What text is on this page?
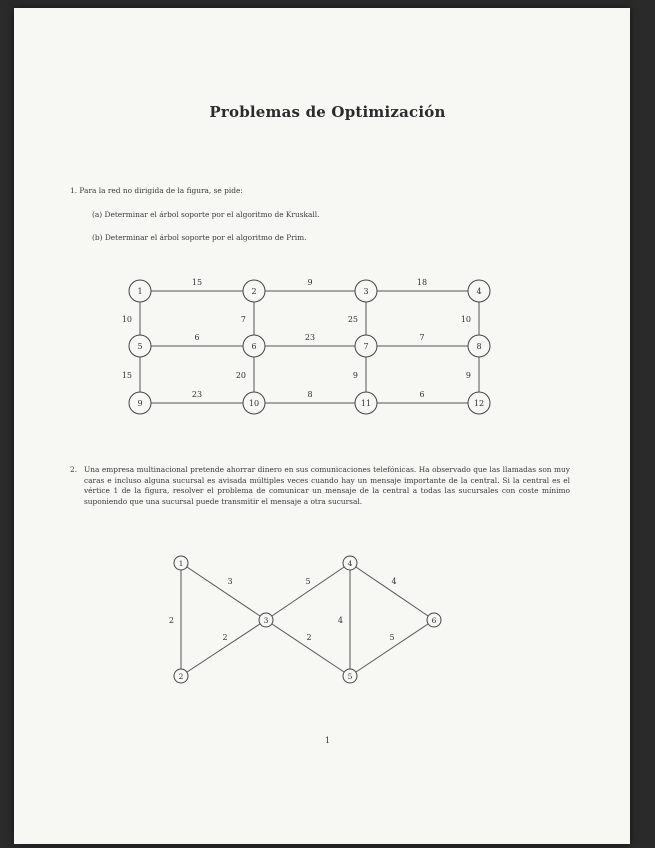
Problemas de Optimización
1. Para la red no dirigida de la figura, se pide:
(a) Determinar el árbol soporte por el algoritmo de Kruskall.
(b) Determinar el árbol soporte por el algoritmo de Prim.
15	9	18
6	23	7
23	8	6
10	7	25	10
15	20	9	9
1	2	3	4
5	6	7	8
9	10	11	12
3
2
2
5
2
4
4
5
1
2
3
4
5
6
2. Una empresa multinacional pretende ahorrar dinero en sus comunicaciones telefónicas. Ha observado que las llamadas son muy caras e incluso alguna sucursal es avisada múltiples veces cuando hay un mensaje importante de la central. Si la central es el vértice 1 de la figura, resolver el problema de comunicar un mensaje de la central a todas las sucursales con coste mínimo suponiendo que una sucursal puede transmitir el mensaje a otra sucursal.
1
